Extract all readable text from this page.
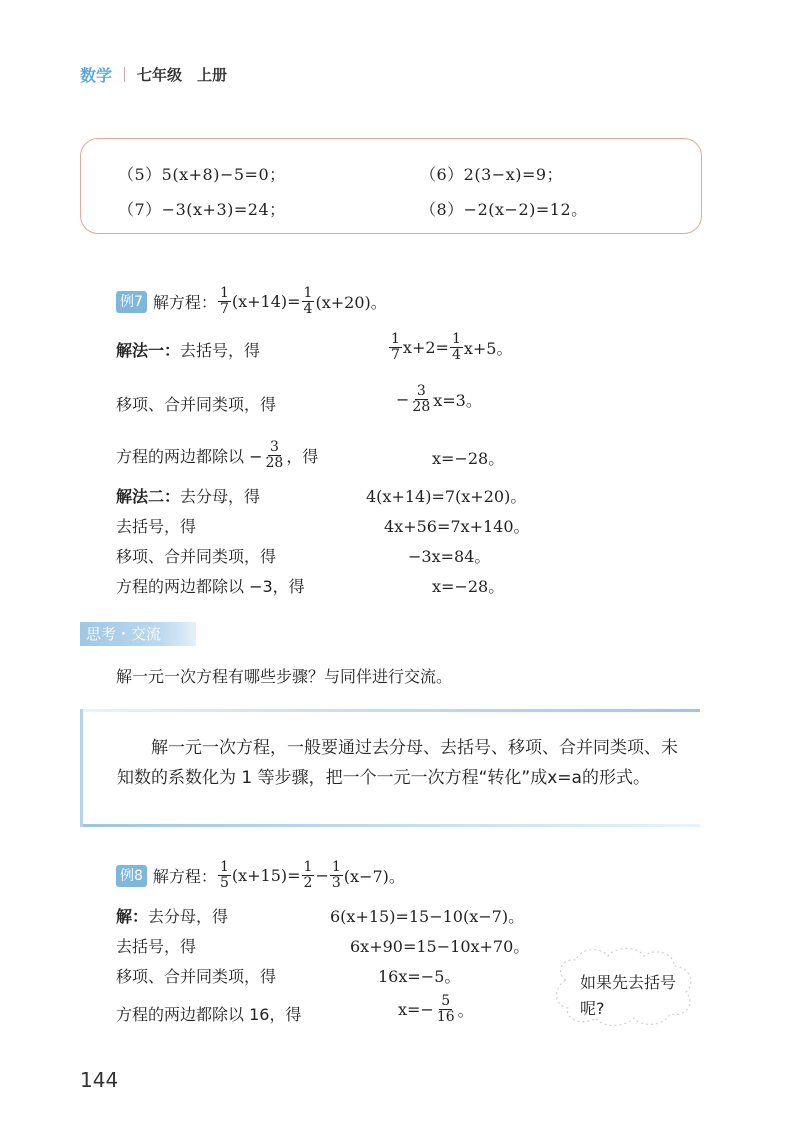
数学 七年级　上册
（5）5(x+8)−5=0；	（6）2(3−x)=9；
（7）−3(x+3)=24；	（8）−2(x−2)=12。
例7 解方程： $\frac{1}{7} (x+14)= \frac{1}{4} (x+20)$。
解法一：去括号，得	$\frac{1}{7} x+2= \frac{1}{4} x+5$。
移项、合并同类项，得	− $\frac{3}{28} x=3$。
方程的两边都除以 − $\frac{3}{28}$ ，得	x=−28。
解法二：去分母，得	4(x+14)=7(x+20)。
去括号，得	4x+56=7x+140。
移项、合并同类项，得	−3x=84。
方程的两边都除以 −3，得	x=−28。
思考・交流
解一元一次方程有哪些步骤？与同伴进行交流。
解一元一次方程，一般要通过去分母、去括号、移项、合并同类项、未知数的系数化为 1 等步骤，把一个一元一次方程“转化”成x=a的形式。
例8 解方程： $\frac{1}{5} (x+15)= \frac{1}{2} - \frac{1}{3} (x-7)$。
解：去分母，得	6(x+15)=15−10(x−7)。
去括号，得	6x+90=15−10x+70。
移项、合并同类项，得	16x=−5。
方程的两边都除以 16，得	$x=- \frac{5}{16}$ 。
如果先去括号呢?
144
